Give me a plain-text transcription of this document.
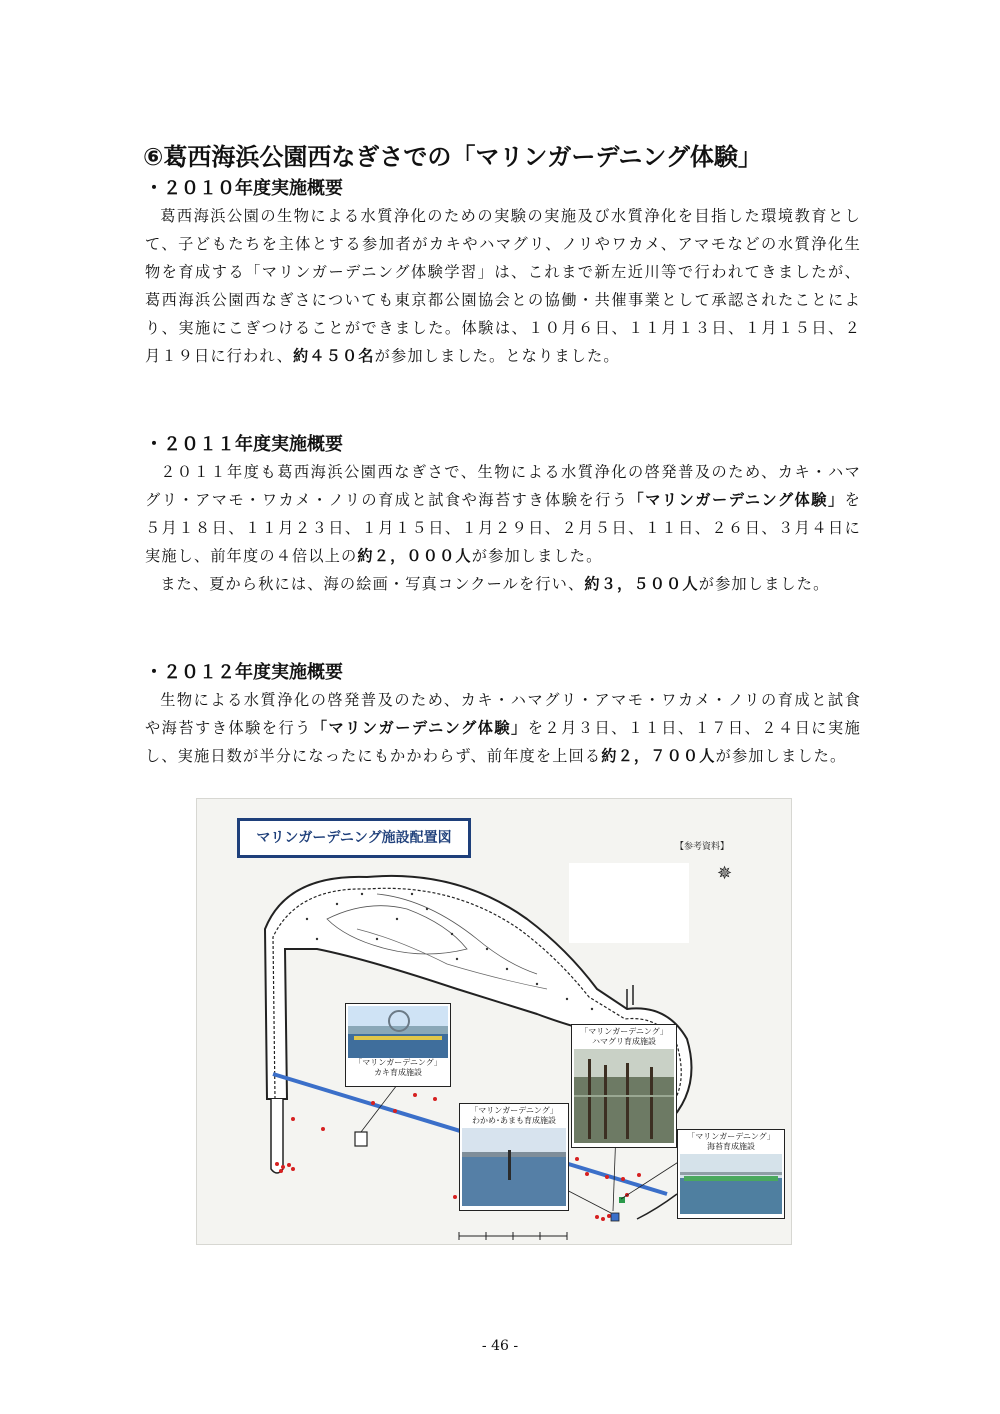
⑥葛西海浜公園西なぎさでの「マリンガーデニング体験」
・２０１０年度実施概要

葛西海浜公園の生物による水質浄化のための実験の実施及び水質浄化を目指した環境教育として、子どもたちを主体とする参加者がカキやハマグリ、ノリやワカメ、アマモなどの水質浄化生物を育成する「マリンガーデニング体験学習」は、これまで新左近川等で行われてきましたが、葛西海浜公園西なぎさについても東京都公園協会との協働・共催事業として承認されたことにより、実施にこぎつけることができました。体験は、１０月６日、１１月１３日、１月１５日、２月１９日に行われ、約４５０名が参加しました。となりました。

・２０１１年度実施概要

２０１１年度も葛西海浜公園西なぎさで、生物による水質浄化の啓発普及のため、カキ・ハマグリ・アマモ・ワカメ・ノリの育成と試食や海苔すき体験を行う「マリンガーデニング体験」を５月１８日、１１月２３日、１月１５日、１月２９日、２月５日、１１日、２６日、３月４日に実施し、前年度の４倍以上の約２，０００人が参加しました。

また、夏から秋には、海の絵画・写真コンクールを行い、約３，５００人が参加しました。

・２０１２年度実施概要

生物による水質浄化の啓発普及のため、カキ・ハマグリ・アマモ・ワカメ・ノリの育成と試食や海苔すき体験を行う「マリンガーデニング体験」を２月３日、１１日、１７日、２４日に実施し、実施日数が半分になったにもかかわらず、前年度を上回る約２，７００人が参加しました。

マリンガーデニング施設配置図
【参考資料】
✵
「マリンガーデニング」
カキ育成施設
「マリンガーデニング」
ハマグリ育成施設
「マリンガーデニング」
わかめ･あまも育成施設
「マリンガーデニング」
海苔育成施設
- 46 -
